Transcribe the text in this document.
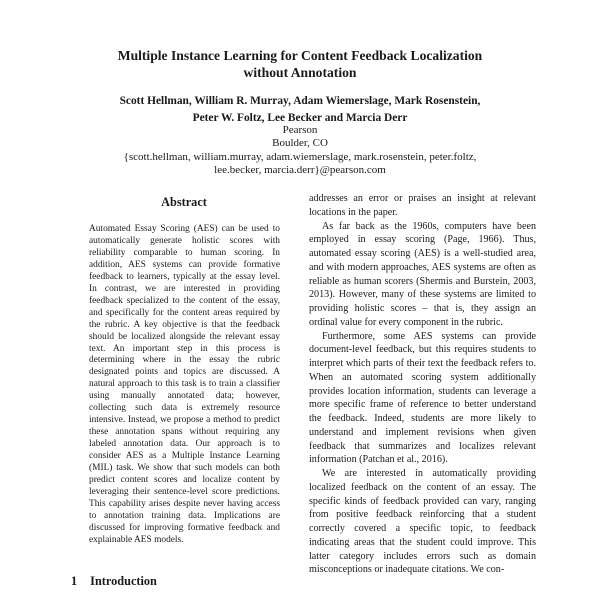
Multiple Instance Learning for Content Feedback Localization
without Annotation
Scott Hellman, William R. Murray, Adam Wiemerslage, Mark Rosenstein,
Peter W. Foltz, Lee Becker and Marcia Derr
Pearson
Boulder, CO
{scott.hellman, william.murray, adam.wiemerslage, mark.rosenstein, peter.foltz,
lee.becker, marcia.derr}@pearson.com
Abstract
Automated Essay Scoring (AES) can be used to automatically generate holistic scores with reliability comparable to human scoring. In addition, AES systems can provide formative feedback to learners, typically at the essay level. In contrast, we are interested in providing feedback specialized to the content of the essay, and specifically for the content areas required by the rubric. A key objective is that the feedback should be localized alongside the relevant essay text. An important step in this process is determining where in the essay the rubric designated points and topics are discussed. A natural approach to this task is to train a classifier using manually annotated data; however, collecting such data is extremely resource intensive. Instead, we propose a method to predict these annotation spans without requiring any labeled annotation data. Our approach is to consider AES as a Multiple Instance Learning (MIL) task. We show that such models can both predict content scores and localize content by leveraging their sentence-level score predictions. This capability arises despite never having access to annotation training data. Implications are discussed for improving formative feedback and explainable AES models.
1 Introduction

addresses an error or praises an insight at relevant locations in the paper.

As far back as the 1960s, computers have been employed in essay scoring (Page, 1966). Thus, automated essay scoring (AES) is a well-studied area, and with modern approaches, AES systems are often as reliable as human scorers (Shermis and Burstein, 2003, 2013). However, many of these systems are limited to providing holistic scores – that is, they assign an ordinal value for every component in the rubric.

Furthermore, some AES systems can provide document-level feedback, but this requires students to interpret which parts of their text the feedback refers to. When an automated scoring system additionally provides location information, students can leverage a more specific frame of reference to better understand the feedback. Indeed, students are more likely to understand and implement revisions when given feedback that summarizes and localizes relevant information (Patchan et al., 2016).

We are interested in automatically providing localized feedback on the content of an essay. The specific kinds of feedback provided can vary, ranging from positive feedback reinforcing that a student correctly covered a specific topic, to feedback indicating areas that the student could improve. This latter category includes errors such as domain misconceptions or inadequate citations. We con-
